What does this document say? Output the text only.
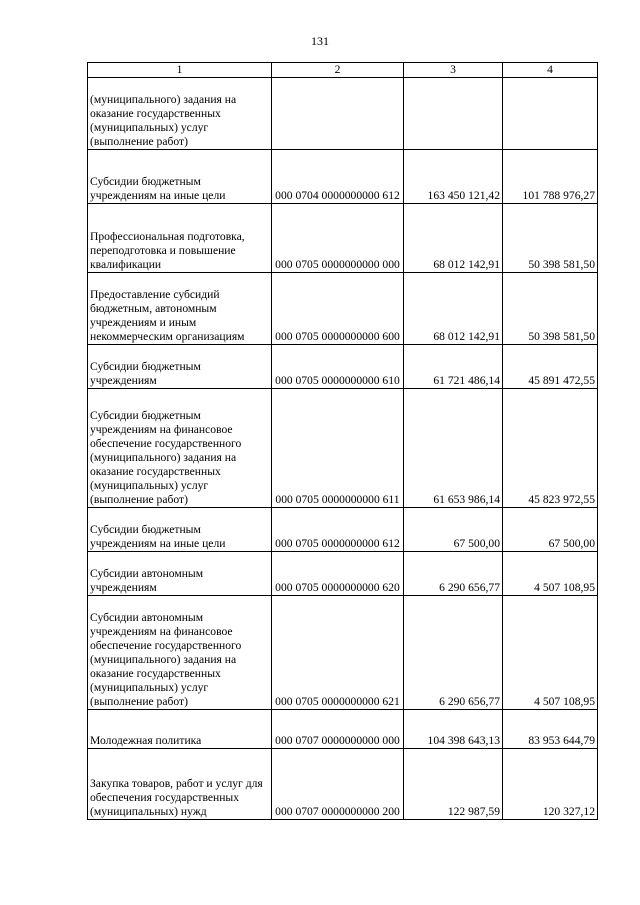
131
1	2	3	4
(муниципального) задания на оказание государственных (муниципальных) услуг (выполнение работ)			
Субсидии бюджетным учреждениям на иные цели	000 0704 0000000000 612	163 450 121,42	101 788 976,27
Профессиональная подготовка, переподготовка и повышение квалификации	000 0705 0000000000 000	68 012 142,91	50 398 581,50
Предоставление субсидий бюджетным, автономным учреждениям и иным некоммерческим организациям	000 0705 0000000000 600	68 012 142,91	50 398 581,50
Субсидии бюджетным учреждениям	000 0705 0000000000 610	61 721 486,14	45 891 472,55
Субсидии бюджетным учреждениям на финансовое обеспечение государственного (муниципального) задания на оказание государственных (муниципальных) услуг (выполнение работ)	000 0705 0000000000 611	61 653 986,14	45 823 972,55
Субсидии бюджетным учреждениям на иные цели	000 0705 0000000000 612	67 500,00	67 500,00
Субсидии автономным учреждениям	000 0705 0000000000 620	6 290 656,77	4 507 108,95
Субсидии автономным учреждениям на финансовое обеспечение государственного (муниципального) задания на оказание государственных (муниципальных) услуг (выполнение работ)	000 0705 0000000000 621	6 290 656,77	4 507 108,95
Молодежная политика	000 0707 0000000000 000	104 398 643,13	83 953 644,79
Закупка товаров, работ и услуг для обеспечения государственных (муниципальных) нужд	000 0707 0000000000 200	122 987,59	120 327,12
